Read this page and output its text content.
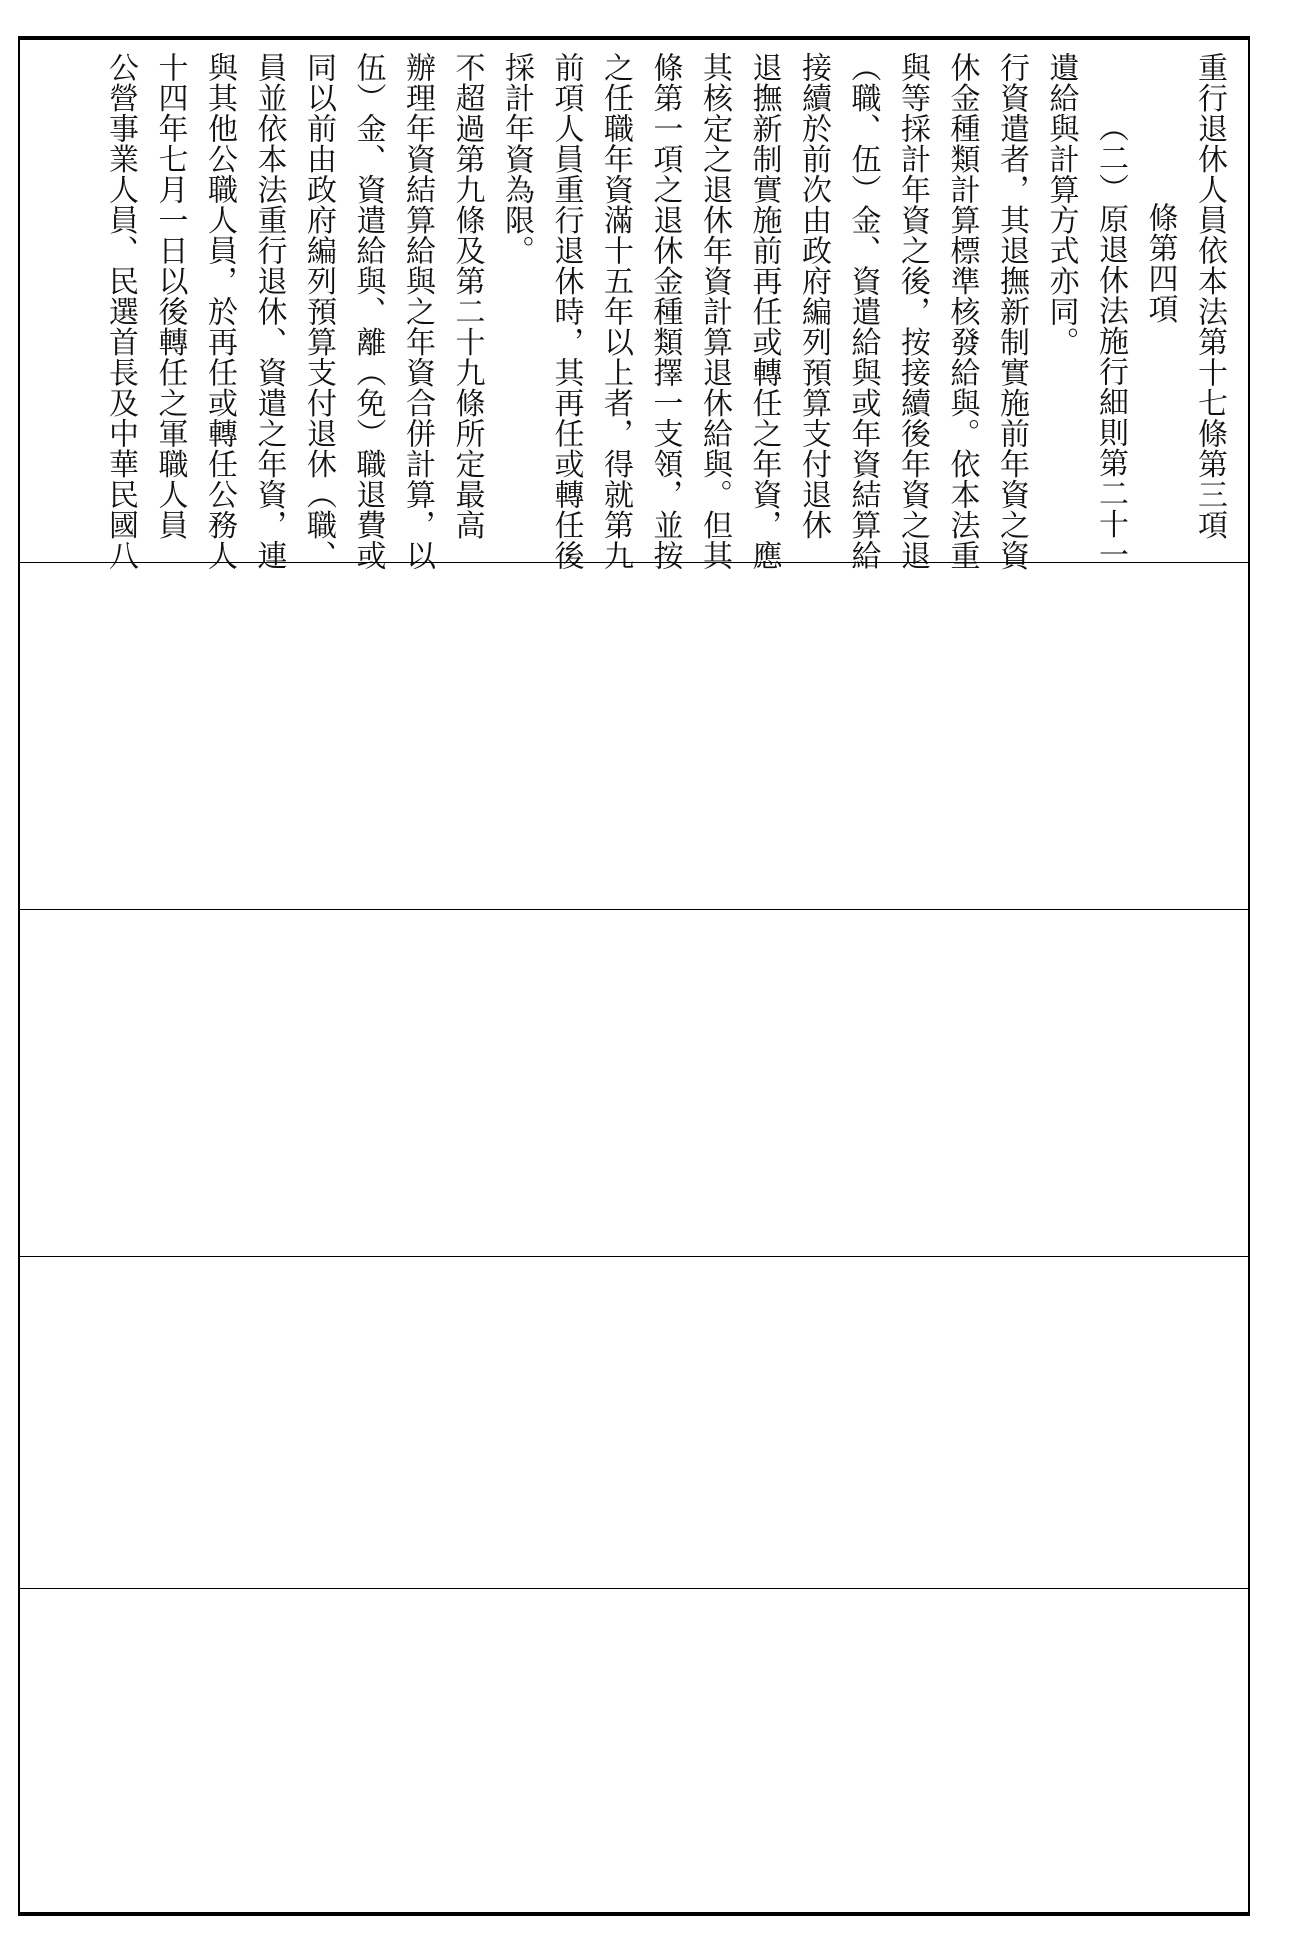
重行退休人員依本法第十七條第三項
條第四項
（二）原退休法施行細則第二十一
遺給與計算方式亦同。
行資遣者，其退撫新制實施前年資之資
休金種類計算標準核發給與。依本法重
與等採計年資之後，按接續後年資之退
（職、伍）金、資遣給與或年資結算給
接續於前次由政府編列預算支付退休
退撫新制實施前再任或轉任之年資，應
其核定之退休年資計算退休給與。但其
條第一項之退休金種類擇一支領，並按
之任職年資滿十五年以上者，得就第九
前項人員重行退休時，其再任或轉任後
採計年資為限。
不超過第九條及第二十九條所定最高
辦理年資結算給與之年資合併計算，以
伍）金、資遣給與、離（免）職退費或
同以前由政府編列預算支付退休（職、
員並依本法重行退休、資遣之年資，連
與其他公職人員，於再任或轉任公務人
十四年七月一日以後轉任之軍職人員
公營事業人員、民選首長及中華民國八
